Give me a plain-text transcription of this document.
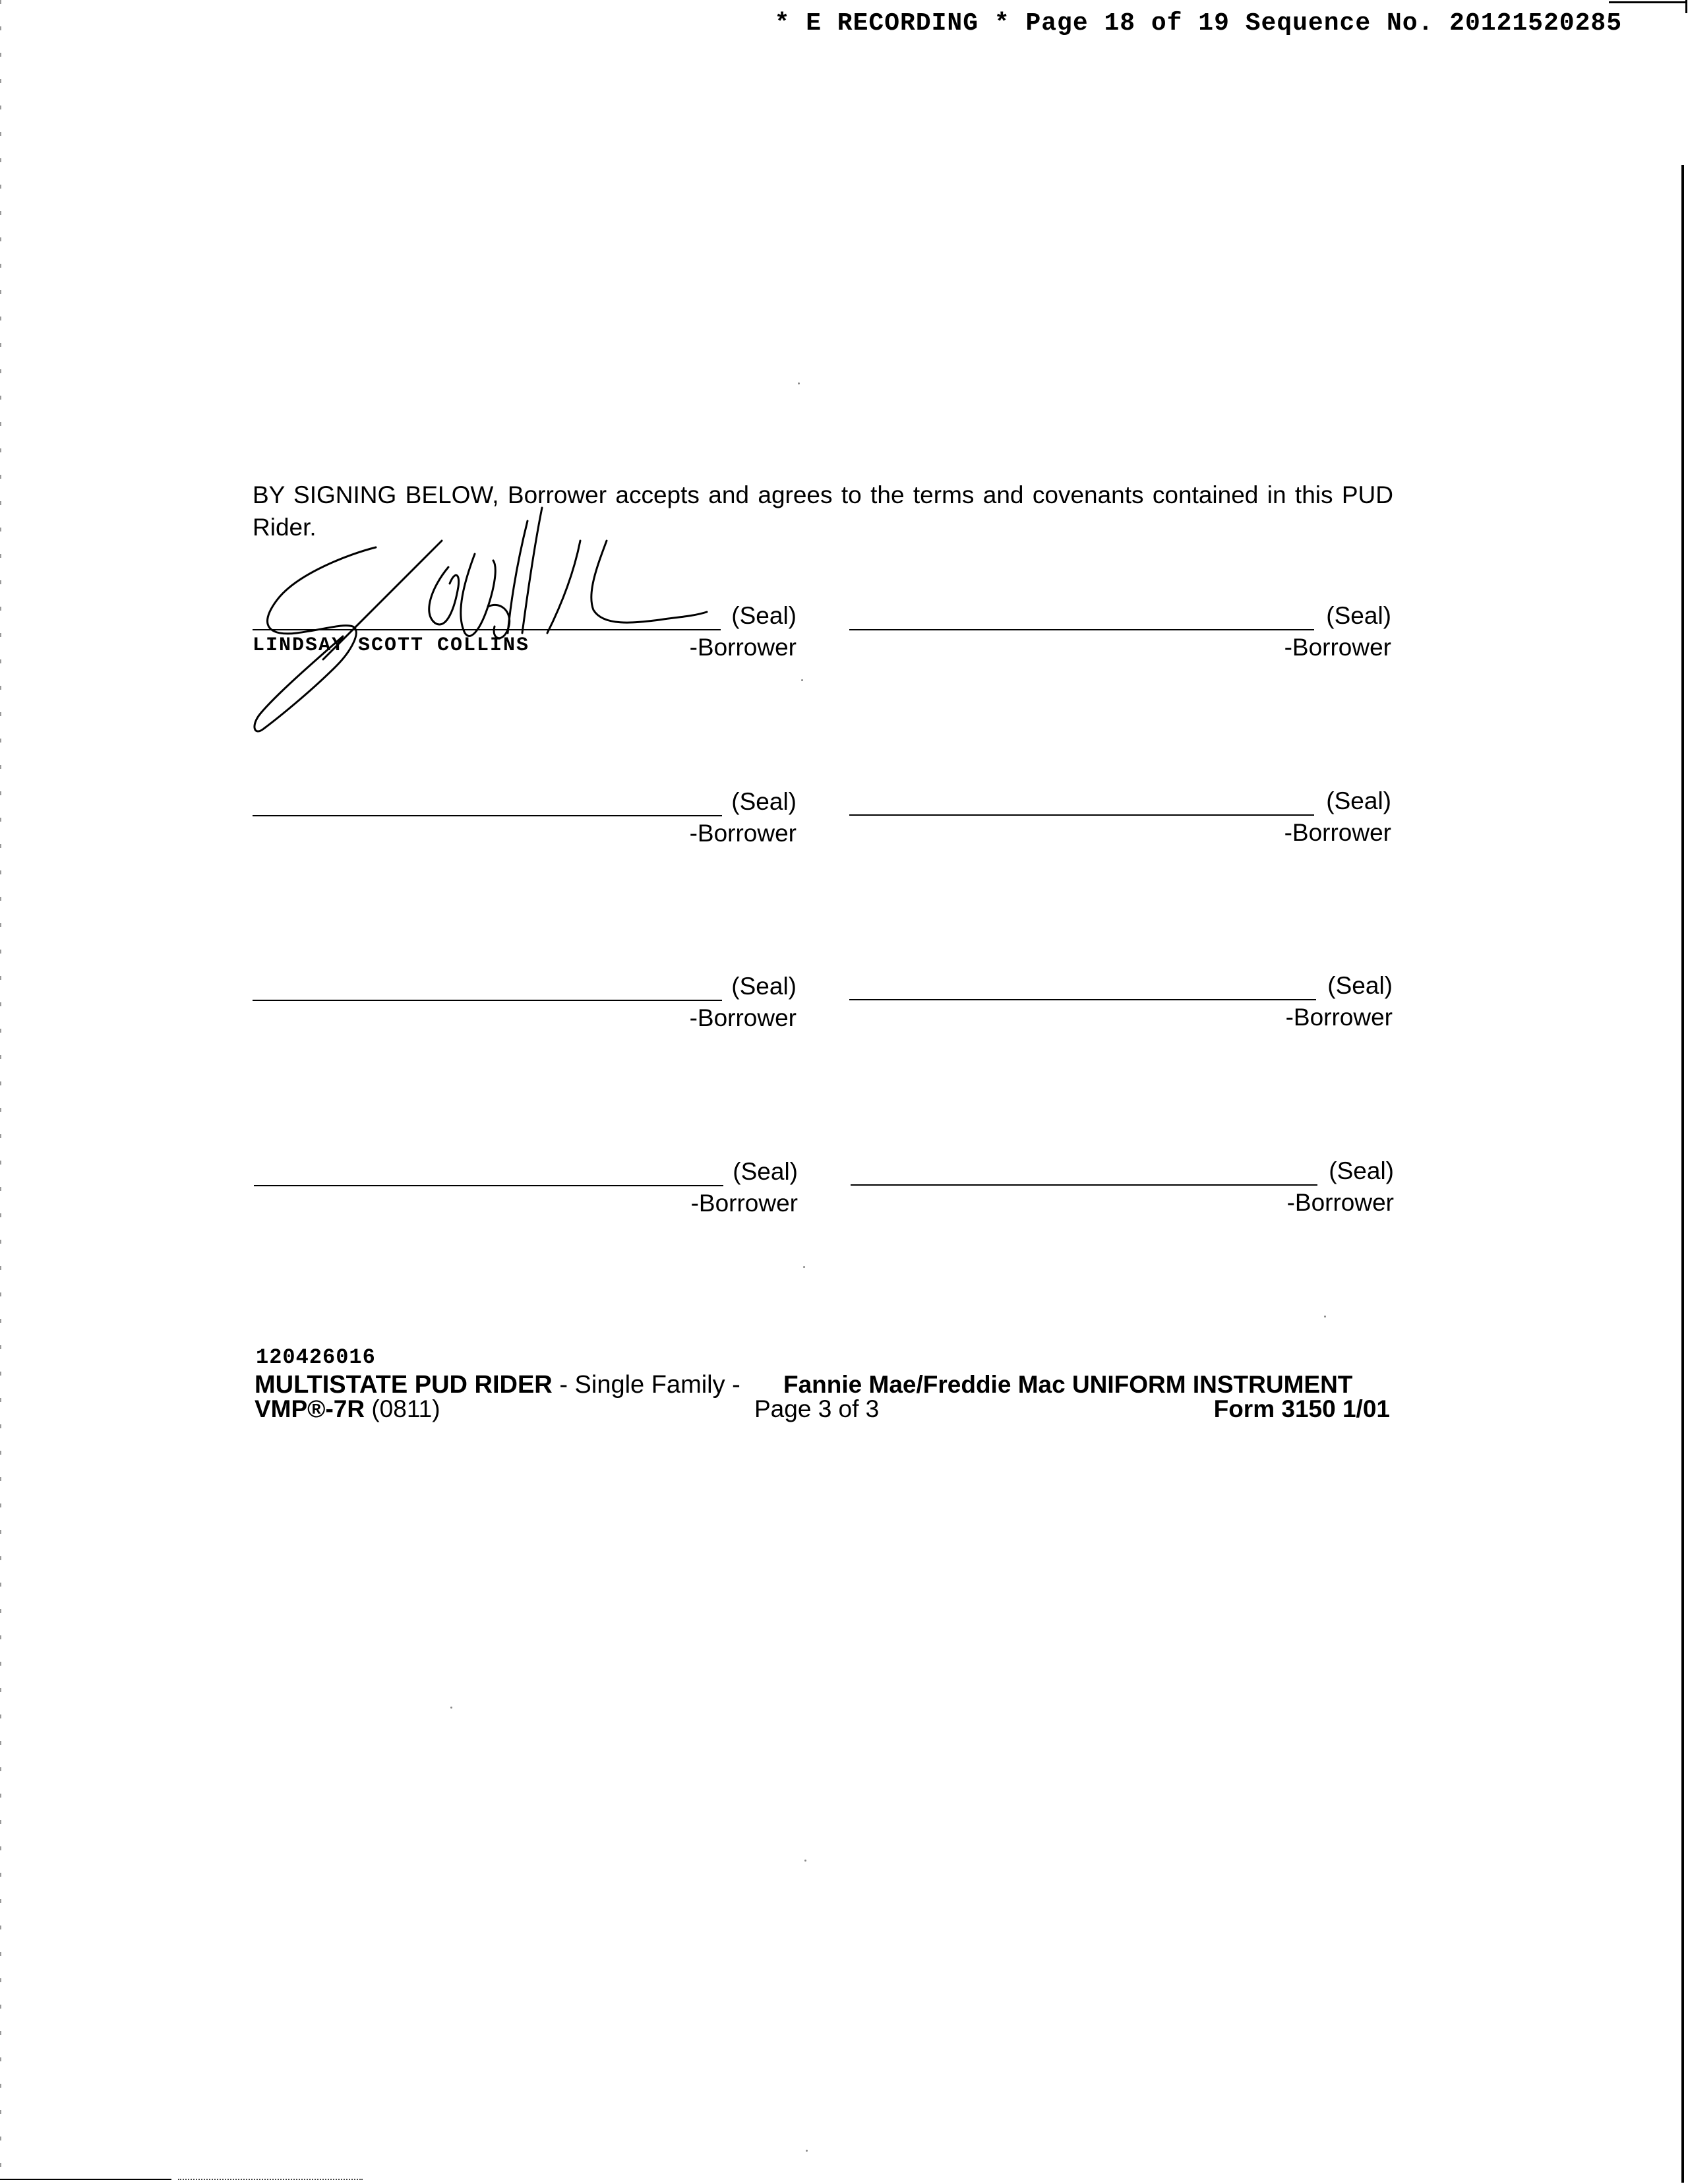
* E RECORDING * Page 18 of 19 Sequence No. 20121520285
BY SIGNING BELOW, Borrower accepts and agrees to the terms and covenants contained in this PUD Rider.
(Seal)
LINDSAY SCOTT COLLINS	-Borrower
(Seal)
-Borrower
(Seal)
-Borrower
(Seal)
-Borrower
(Seal)
-Borrower
(Seal)
-Borrower
(Seal)
-Borrower
(Seal)
-Borrower
120426016
MULTISTATE PUD RIDER - Single Family - Fannie Mae/Freddie Mac UNIFORM INSTRUMENT
VMP®-7R (0811)	Page 3 of 3	Form 3150 1/01
